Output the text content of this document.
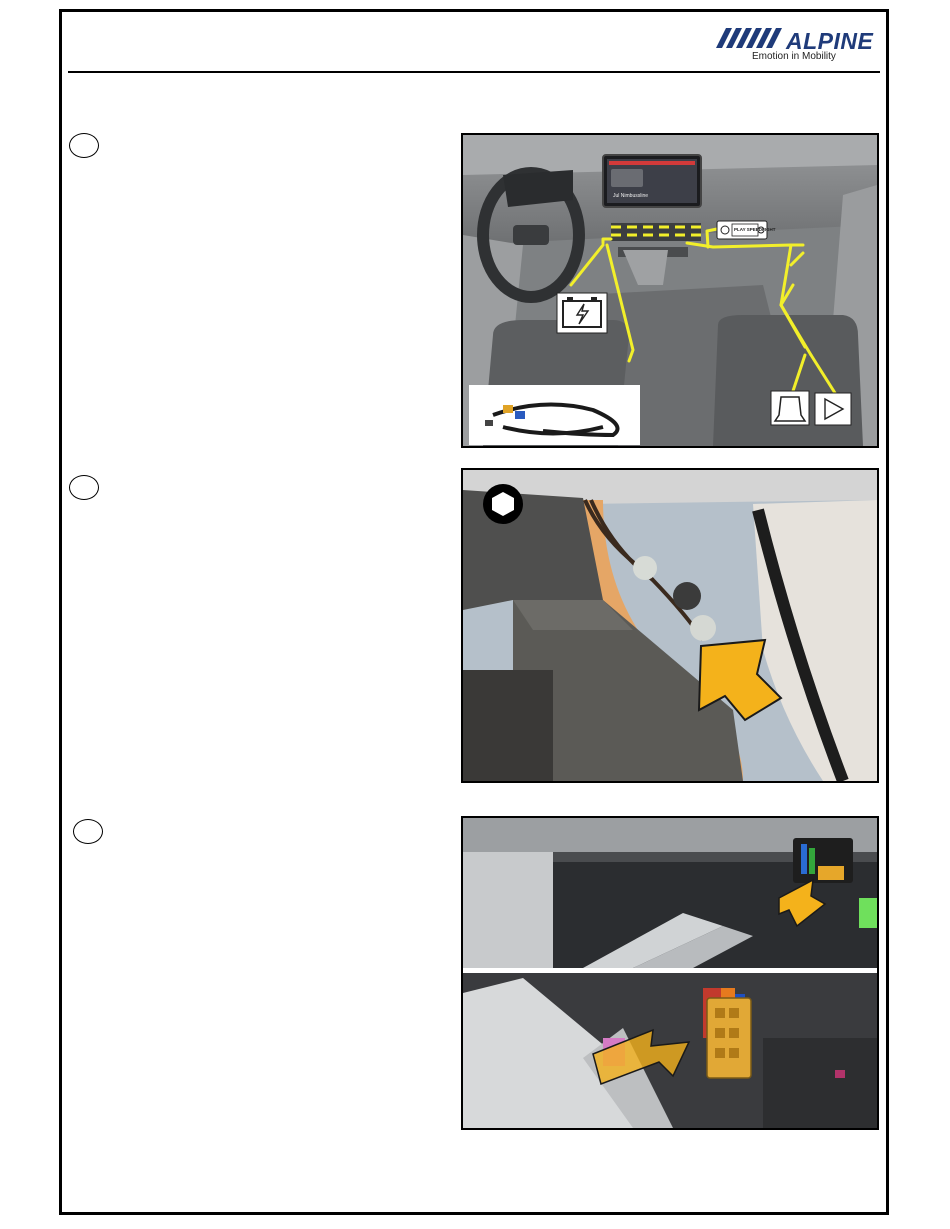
ALPINE
Emotion in Mobility
Jul Nimbussline
PLAY SPEEDFIGHT
